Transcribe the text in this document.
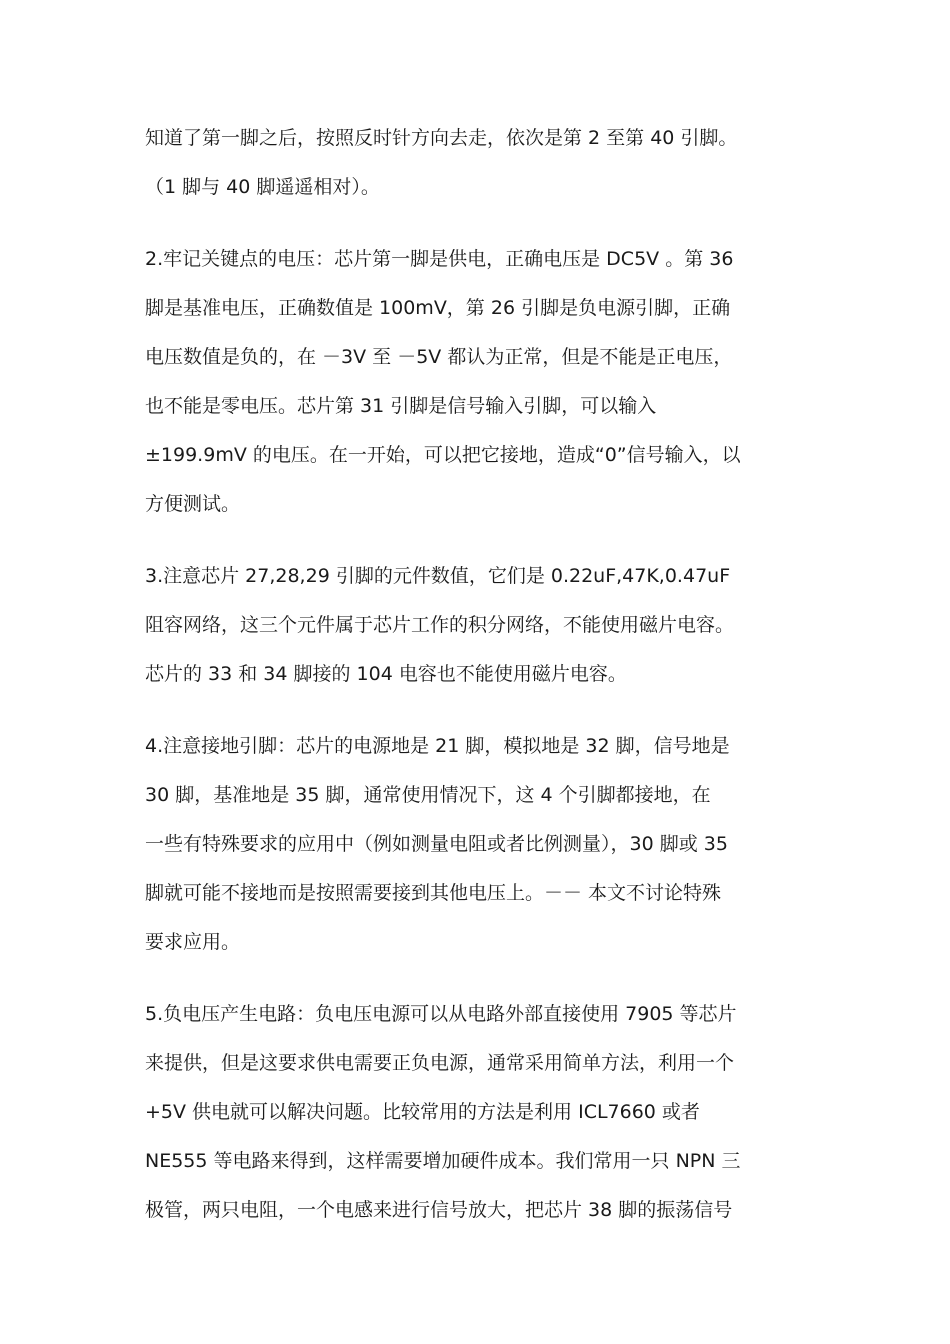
知道了第一脚之后，按照反时针方向去走，依次是第 2 至第 40 引脚。
（1 脚与 40 脚遥遥相对）。
2.牢记关键点的电压：芯片第一脚是供电，正确电压是 DC5V 。第 36
脚是基准电压，正确数值是 100mV，第 26 引脚是负电源引脚，正确
电压数值是负的，在 －3V 至 －5V 都认为正常，但是不能是正电压，
也不能是零电压。芯片第 31 引脚是信号输入引脚，可以输入
±199.9mV 的电压。在一开始，可以把它接地，造成“0”信号输入，以
方便测试。
3.注意芯片 27,28,29 引脚的元件数值，它们是 0.22uF,47K,0.47uF
阻容网络，这三个元件属于芯片工作的积分网络，不能使用磁片电容。
芯片的 33 和 34 脚接的 104 电容也不能使用磁片电容。
4.注意接地引脚：芯片的电源地是 21 脚，模拟地是 32 脚，信号地是
30 脚，基准地是 35 脚，通常使用情况下，这 4 个引脚都接地，在
一些有特殊要求的应用中（例如测量电阻或者比例测量），30 脚或 35
脚就可能不接地而是按照需要接到其他电压上。－－ 本文不讨论特殊
要求应用。
5.负电压产生电路：负电压电源可以从电路外部直接使用 7905 等芯片
来提供，但是这要求供电需要正负电源，通常采用简单方法，利用一个
+5V 供电就可以解决问题。比较常用的方法是利用 ICL7660 或者
NE555 等电路来得到，这样需要增加硬件成本。我们常用一只 NPN 三
极管，两只电阻，一个电感来进行信号放大，把芯片 38 脚的振荡信号
